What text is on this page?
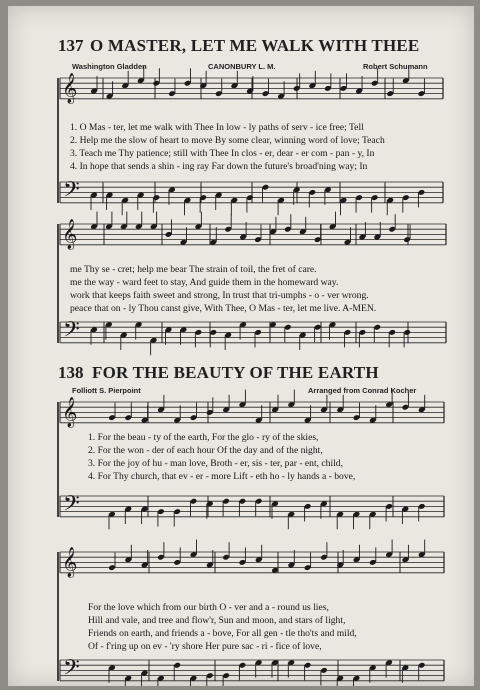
137 O MASTER, LET ME WALK WITH THEE
Washington Gladden	CANONBURY L. M.	Robert Schumann
1. O Mas - ter, let me walk with Thee In low - ly paths of serv - ice free; Tell
2. Help me the slow of heart to move By some clear, winning word of love; Teach
3. Teach me Thy patience; still with Thee In clos - er, dear - er com - pan - y, In
4. In hope that sends a shin - ing ray Far down the future's broad'ning way; In
me Thy se - cret; help me bear The strain of toil, the fret of care.
me the way - ward feet to stay, And guide them in the homeward way.
work that keeps faith sweet and strong, In trust that tri-umphs - o - ver wrong.
peace that on - ly Thou canst give, With Thee, O Mas - ter, let me live. A-MEN.
138 FOR THE BEAUTY OF THE EARTH
Folliott S. Pierpoint	Arranged from Conrad Kocher
1. For the beau - ty of the earth, For the glo - ry of the skies,
2. For the won - der of each hour Of the day and of the night,
3. For the joy of hu - man love, Broth - er, sis - ter, par - ent, child,
4. For Thy church, that ev - er - more Lift - eth ho - ly hands a - bove,
For the love which from our birth O - ver and a - round us lies,
Hill and vale, and tree and flow'r, Sun and moon, and stars of light,
Friends on earth, and friends a - bove, For all gen - tle tho'ts and mild,
Of - f'ring up on ev - 'ry shore Her pure sac - ri - fice of love,
𝄞
𝄢
𝄞
𝄢
𝄞
𝄢
𝄞
𝄢
